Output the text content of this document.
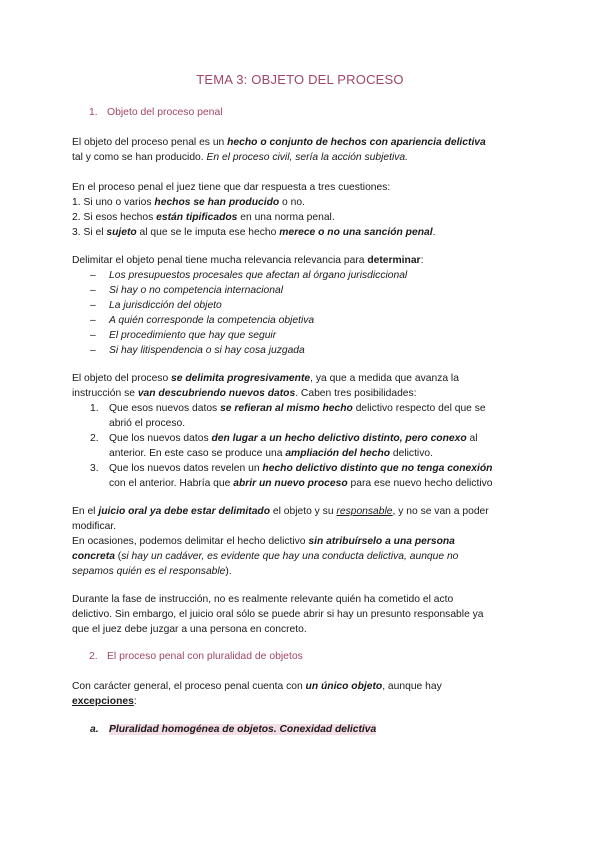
TEMA 3: OBJETO DEL PROCESO
1. Objeto del proceso penal
El objeto del proceso penal es un hecho o conjunto de hechos con apariencia delictiva
tal y como se han producido. En el proceso civil, sería la acción subjetiva.
En el proceso penal el juez tiene que dar respuesta a tres cuestiones:
1. Si uno o varios hechos se han producido o no.
2. Si esos hechos están tipificados en una norma penal.
3. Si el sujeto al que se le imputa ese hecho merece o no una sanción penal.
Delimitar el objeto penal tiene mucha relevancia relevancia para determinar:
– Los presupuestos procesales que afectan al órgano jurisdiccional
– Si hay o no competencia internacional
– La jurisdicción del objeto
– A quién corresponde la competencia objetiva
– El procedimiento que hay que seguir
– Si hay litispendencia o si hay cosa juzgada
El objeto del proceso se delimita progresivamente, ya que a medida que avanza la
instrucción se van descubriendo nuevos datos. Caben tres posibilidades:
1. Que esos nuevos datos se refieran al mismo hecho delictivo respecto del que se
abrió el proceso.
2. Que los nuevos datos den lugar a un hecho delictivo distinto, pero conexo al
anterior. En este caso se produce una ampliación del hecho delictivo.
3. Que los nuevos datos revelen un hecho delictivo distinto que no tenga conexión
con el anterior. Habría que abrir un nuevo proceso para ese nuevo hecho delictivo
En el juicio oral ya debe estar delimitado el objeto y su responsable, y no se van a poder
modificar.
En ocasiones, podemos delimitar el hecho delictivo sin atribuírselo a una persona
concreta (si hay un cadáver, es evidente que hay una conducta delictiva, aunque no
sepamos quién es el responsable).
Durante la fase de instrucción, no es realmente relevante quién ha cometido el acto
delictivo. Sin embargo, el juicio oral sólo se puede abrir si hay un presunto responsable ya
que el juez debe juzgar a una persona en concreto.
2. El proceso penal con pluralidad de objetos
Con carácter general, el proceso penal cuenta con un único objeto, aunque hay
excepciones:
a. Pluralidad homogénea de objetos. Conexidad delictiva
